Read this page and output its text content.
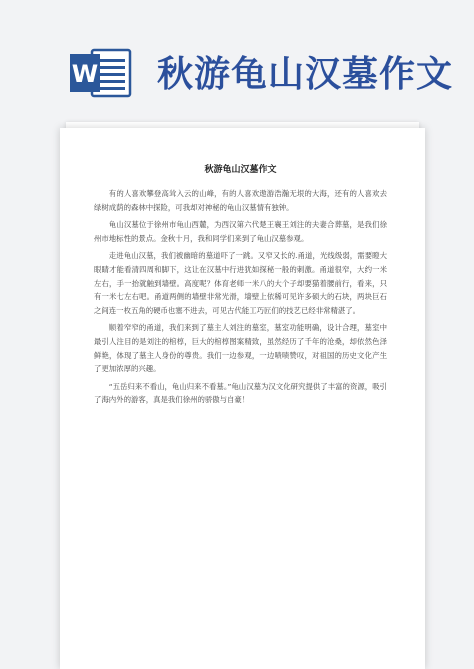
W 秋游龟山汉墓作文
秋游龟山汉墓作文

有的人喜欢攀登高耸入云的山峰，有的人喜欢遨游浩瀚无垠的大海，还有的人喜欢去绿树成荫的森林中探险，可我却对神秘的龟山汉墓情有独钟。

龟山汉墓位于徐州市龟山西麓，为西汉第六代楚王襄王刘注的夫妻合葬墓，是我们徐州市地标性的景点。金秋十月，我和同学们来到了龟山汉墓参观。

走进龟山汉墓，我们被幽暗的墓道吓了一跳。又窄又长的.甬道，光线级弱，需要瞪大眼睛才能看清四周和脚下，这让在汉墓中行进犹如探秘一般的刺激。甬道很窄，大约一米左右，手一抬就触到墙壁。高度呢？体育老师一米八的大个子却要猫着腰前行，看来，只有一米七左右吧。甬道两侧的墙壁非常光滑，墙壁上依稀可见许多硕大的石块，两块巨石之间连一枚五角的硬币也塞不进去，可见古代能工巧匠们的技艺已经非常精湛了。

顺着窄窄的甬道，我们来到了墓主人刘注的墓室，墓室功能明确，设计合理，墓室中最引人注目的是刘注的棺椁，巨大的棺椁图案精致，虽然经历了千年的沧桑，却依然色泽鲜艳，体现了墓主人身份的尊贵。我们一边参观，一边啧啧赞叹，对祖国的历史文化产生了更加浓厚的兴趣。

“五岳归来不看山，龟山归来不看墓。”龟山汉墓为汉文化研究提供了丰富的资源，吸引了海内外的游客，真是我们徐州的骄傲与自豪！
